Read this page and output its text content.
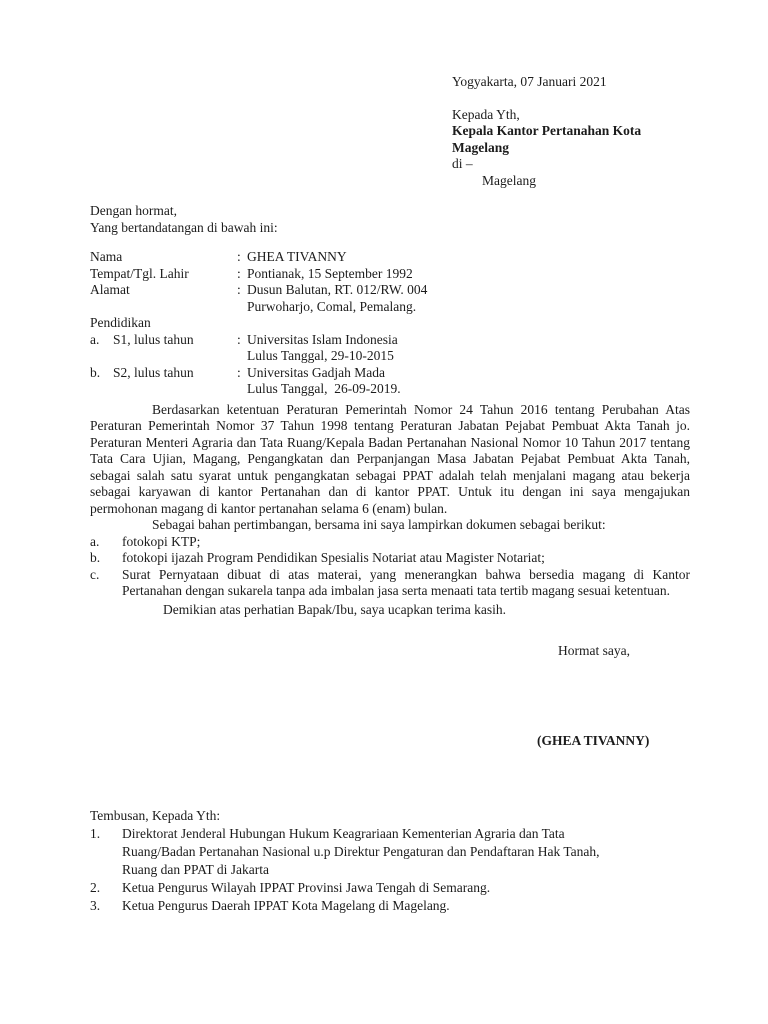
Yogyakarta, 07 Januari 2021
Kepada Yth,
Kepala Kantor Pertanahan Kota Magelang
di –
Magelang
Dengan hormat,
Yang bertandatangan di bawah ini:
Nama	: GHEA TIVANNY
Tempat/Tgl. Lahir	: Pontianak, 15 September 1992
Alamat	: Dusun Balutan, RT. 012/RW. 004
Purwoharjo, Comal, Pemalang.
Pendidikan
a.	S1, lulus tahun	: Universitas Islam Indonesia
Lulus Tanggal, 29-10-2015
b. S2, lulus tahun	: Universitas Gadjah Mada
Lulus Tanggal,  26-09-2019.
Berdasarkan ketentuan Peraturan Pemerintah Nomor 24 Tahun 2016 tentang Perubahan Atas Peraturan Pemerintah Nomor 37 Tahun 1998 tentang Peraturan Jabatan Pejabat Pembuat Akta Tanah jo. Peraturan Menteri Agraria dan Tata Ruang/Kepala Badan Pertanahan Nasional Nomor 10 Tahun 2017 tentang Tata Cara Ujian, Magang, Pengangkatan dan Perpanjangan Masa Jabatan Pejabat Pembuat Akta Tanah, sebagai salah satu syarat untuk pengangkatan sebagai PPAT adalah telah menjalani magang atau bekerja sebagai karyawan di kantor Pertanahan dan di kantor PPAT. Untuk itu dengan ini saya mengajukan permohonan magang di kantor pertanahan selama 6 (enam) bulan.
Sebagai bahan pertimbangan, bersama ini saya lampirkan dokumen sebagai berikut:
a.	fotokopi KTP;
b.	fotokopi ijazah Program Pendidikan Spesialis Notariat atau Magister Notariat;
c.	Surat Pernyataan dibuat di atas materai, yang menerangkan bahwa bersedia magang di Kantor Pertanahan dengan sukarela tanpa ada imbalan jasa serta menaati tata tertib magang sesuai ketentuan.
Demikian atas perhatian Bapak/Ibu, saya ucapkan terima kasih.
Hormat saya,
(GHEA TIVANNY)
Tembusan, Kepada Yth:
1.	Direktorat Jenderal Hubungan Hukum Keagrariaan Kementerian Agraria dan Tata
Ruang/Badan Pertanahan Nasional u.p Direktur Pengaturan dan Pendaftaran Hak Tanah,
Ruang dan PPAT di Jakarta
2.	Ketua Pengurus Wilayah IPPAT Provinsi Jawa Tengah di Semarang.
3.	Ketua Pengurus Daerah IPPAT Kota Magelang di Magelang.
